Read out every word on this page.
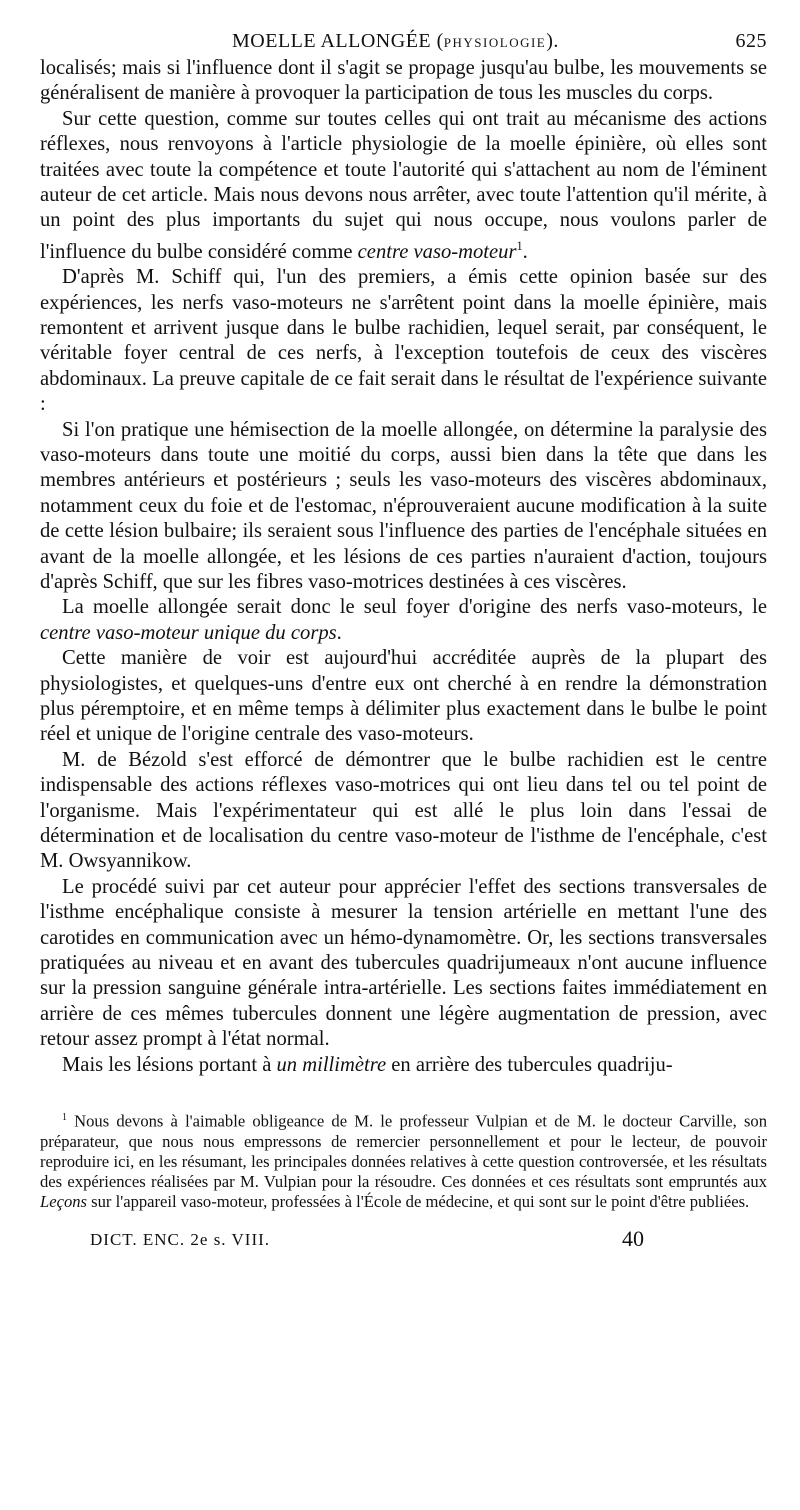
MOELLE ALLONGÉE (PHYSIOLOGIE).	625

localisés; mais si l'influence dont il s'agit se propage jusqu'au bulbe, les mouvements se généralisent de manière à provoquer la participation de tous les muscles du corps.

Sur cette question, comme sur toutes celles qui ont trait au mécanisme des actions réflexes, nous renvoyons à l'article physiologie de la moelle épinière, où elles sont traitées avec toute la compétence et toute l'autorité qui s'attachent au nom de l'éminent auteur de cet article. Mais nous devons nous arrêter, avec toute l'attention qu'il mérite, à un point des plus importants du sujet qui nous occupe, nous voulons parler de l'influence du bulbe considéré comme centre vaso-moteur$^1$.

D'après M. Schiff qui, l'un des premiers, a émis cette opinion basée sur des expériences, les nerfs vaso-moteurs ne s'arrêtent point dans la moelle épinière, mais remontent et arrivent jusque dans le bulbe rachidien, lequel serait, par conséquent, le véritable foyer central de ces nerfs, à l'exception toutefois de ceux des viscères abdominaux. La preuve capitale de ce fait serait dans le résultat de l'expérience suivante :

Si l'on pratique une hémisection de la moelle allongée, on détermine la paralysie des vaso-moteurs dans toute une moitié du corps, aussi bien dans la tête que dans les membres antérieurs et postérieurs ; seuls les vaso-moteurs des viscères abdominaux, notamment ceux du foie et de l'estomac, n'éprouveraient aucune modification à la suite de cette lésion bulbaire; ils seraient sous l'influence des parties de l'encéphale situées en avant de la moelle allongée, et les lésions de ces parties n'auraient d'action, toujours d'après Schiff, que sur les fibres vaso-motrices destinées à ces viscères.

La moelle allongée serait donc le seul foyer d'origine des nerfs vaso-moteurs, le centre vaso-moteur unique du corps.

Cette manière de voir est aujourd'hui accréditée auprès de la plupart des physiologistes, et quelques-uns d'entre eux ont cherché à en rendre la démonstration plus péremptoire, et en même temps à délimiter plus exactement dans le bulbe le point réel et unique de l'origine centrale des vaso-moteurs.

M. de Bézold s'est efforcé de démontrer que le bulbe rachidien est le centre indispensable des actions réflexes vaso-motrices qui ont lieu dans tel ou tel point de l'organisme. Mais l'expérimentateur qui est allé le plus loin dans l'essai de détermination et de localisation du centre vaso-moteur de l'isthme de l'encéphale, c'est M. Owsyannikow.

Le procédé suivi par cet auteur pour apprécier l'effet des sections transversales de l'isthme encéphalique consiste à mesurer la tension artérielle en mettant l'une des carotides en communication avec un hémo-dynamomètre. Or, les sections transversales pratiquées au niveau et en avant des tubercules quadrijumeaux n'ont aucune influence sur la pression sanguine générale intra-artérielle. Les sections faites immédiatement en arrière de ces mêmes tubercules donnent une légère augmentation de pression, avec retour assez prompt à l'état normal.

Mais les lésions portant à un millimètre en arrière des tubercules quadriju-

$^1$ Nous devons à l'aimable obligeance de M. le professeur Vulpian et de M. le docteur Carville, son préparateur, que nous nous empressons de remercier personnellement et pour le lecteur, de pouvoir reproduire ici, en les résumant, les principales données relatives à cette question controversée, et les résultats des expériences réalisées par M. Vulpian pour la résoudre. Ces données et ces résultats sont empruntés aux Leçons sur l'appareil vaso-moteur, professées à l'École de médecine, et qui sont sur le point d'être publiées.

DICT. ENC. 2e s. VIII.	40
